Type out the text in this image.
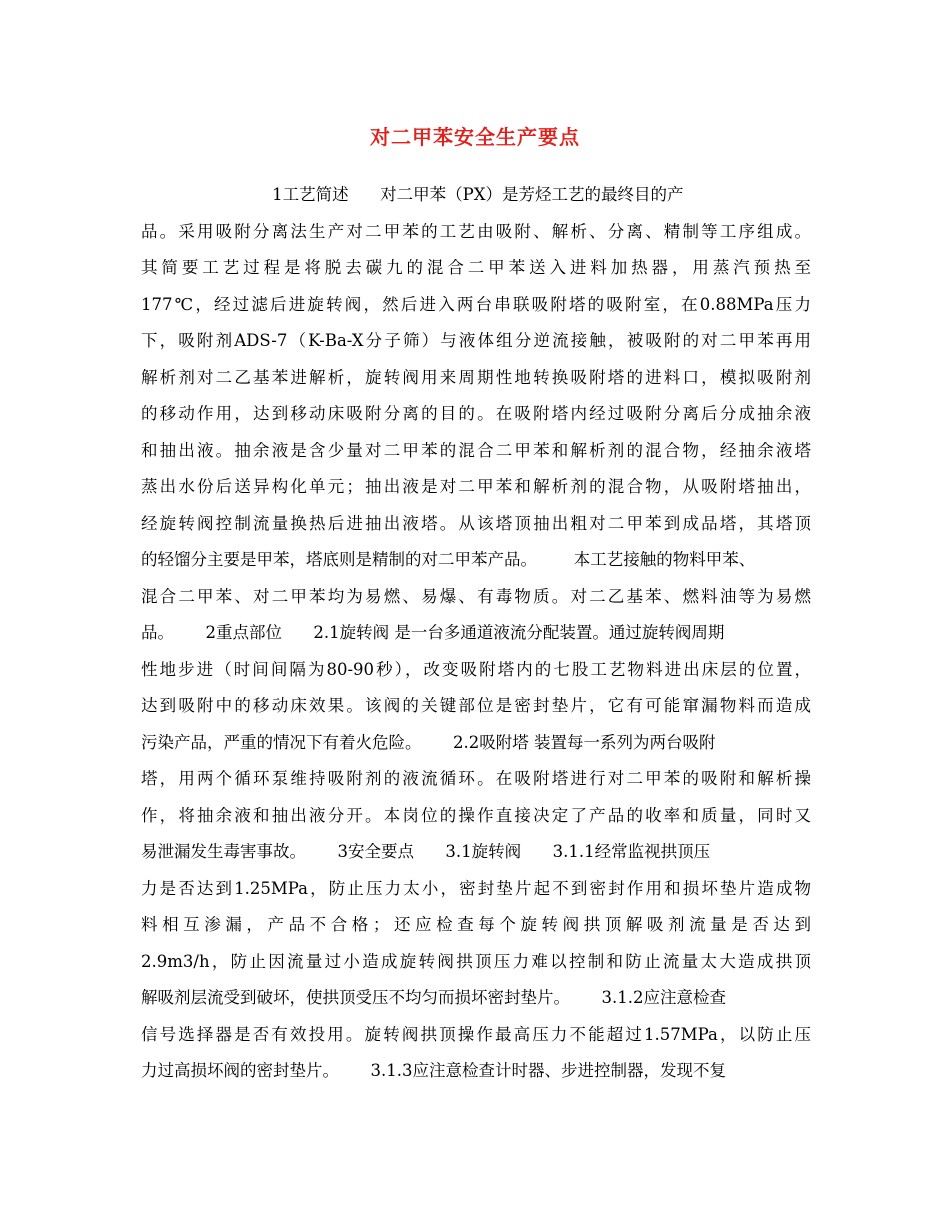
对二甲苯安全生产要点
1工艺简述      对二甲苯（PX）是芳烃工艺的最终目的产
品。采用吸附分离法生产对二甲苯的工艺由吸附、解析、分离、精制等工序组成。
其简要工艺过程是将脱去碳九的混合二甲苯送入进料加热器，用蒸汽预热至
177℃，经过滤后进旋转阀，然后进入两台串联吸附塔的吸附室，在0.88MPa压力
下，吸附剂ADS-7（K-Ba-X分子筛）与液体组分逆流接触，被吸附的对二甲苯再用
解析剂对二乙基苯进解析，旋转阀用来周期性地转换吸附塔的进料口，模拟吸附剂
的移动作用，达到移动床吸附分离的目的。在吸附塔内经过吸附分离后分成抽余液
和抽出液。抽余液是含少量对二甲苯的混合二甲苯和解析剂的混合物，经抽余液塔
蒸出水份后送异构化单元；抽出液是对二甲苯和解析剂的混合物，从吸附塔抽出，
经旋转阀控制流量换热后进抽出液塔。从该塔顶抽出粗对二甲苯到成品塔，其塔顶
的轻馏分主要是甲苯，塔底则是精制的对二甲苯产品。       本工艺接触的物料甲苯、
混合二甲苯、对二甲苯均为易燃、易爆、有毒物质。对二乙基苯、燃料油等为易燃
品。      2重点部位      2.1旋转阀 是一台多通道液流分配装置。通过旋转阀周期
性地步进（时间间隔为80-90秒），改变吸附塔内的七股工艺物料进出床层的位置，
达到吸附中的移动床效果。该阀的关键部位是密封垫片，它有可能窜漏物料而造成
污染产品，严重的情况下有着火危险。      2.2吸附塔 装置每一系列为两台吸附
塔，用两个循环泵维持吸附剂的液流循环。在吸附塔进行对二甲苯的吸附和解析操
作，将抽余液和抽出液分开。本岗位的操作直接决定了产品的收率和质量，同时又
易泄漏发生毒害事故。      3安全要点      3.1旋转阀      3.1.1经常监视拱顶压
力是否达到1.25MPa，防止压力太小，密封垫片起不到密封作用和损坏垫片造成物
料相互渗漏，产品不合格；还应检查每个旋转阀拱顶解吸剂流量是否达到
2.9m3/h，防止因流量过小造成旋转阀拱顶压力难以控制和防止流量太大造成拱顶
解吸剂层流受到破坏，使拱顶受压不均匀而损坏密封垫片。      3.1.2应注意检查
信号选择器是否有效投用。旋转阀拱顶操作最高压力不能超过1.57MPa，以防止压
力过高损坏阀的密封垫片。      3.1.3应注意检查计时器、步进控制器，发现不复
